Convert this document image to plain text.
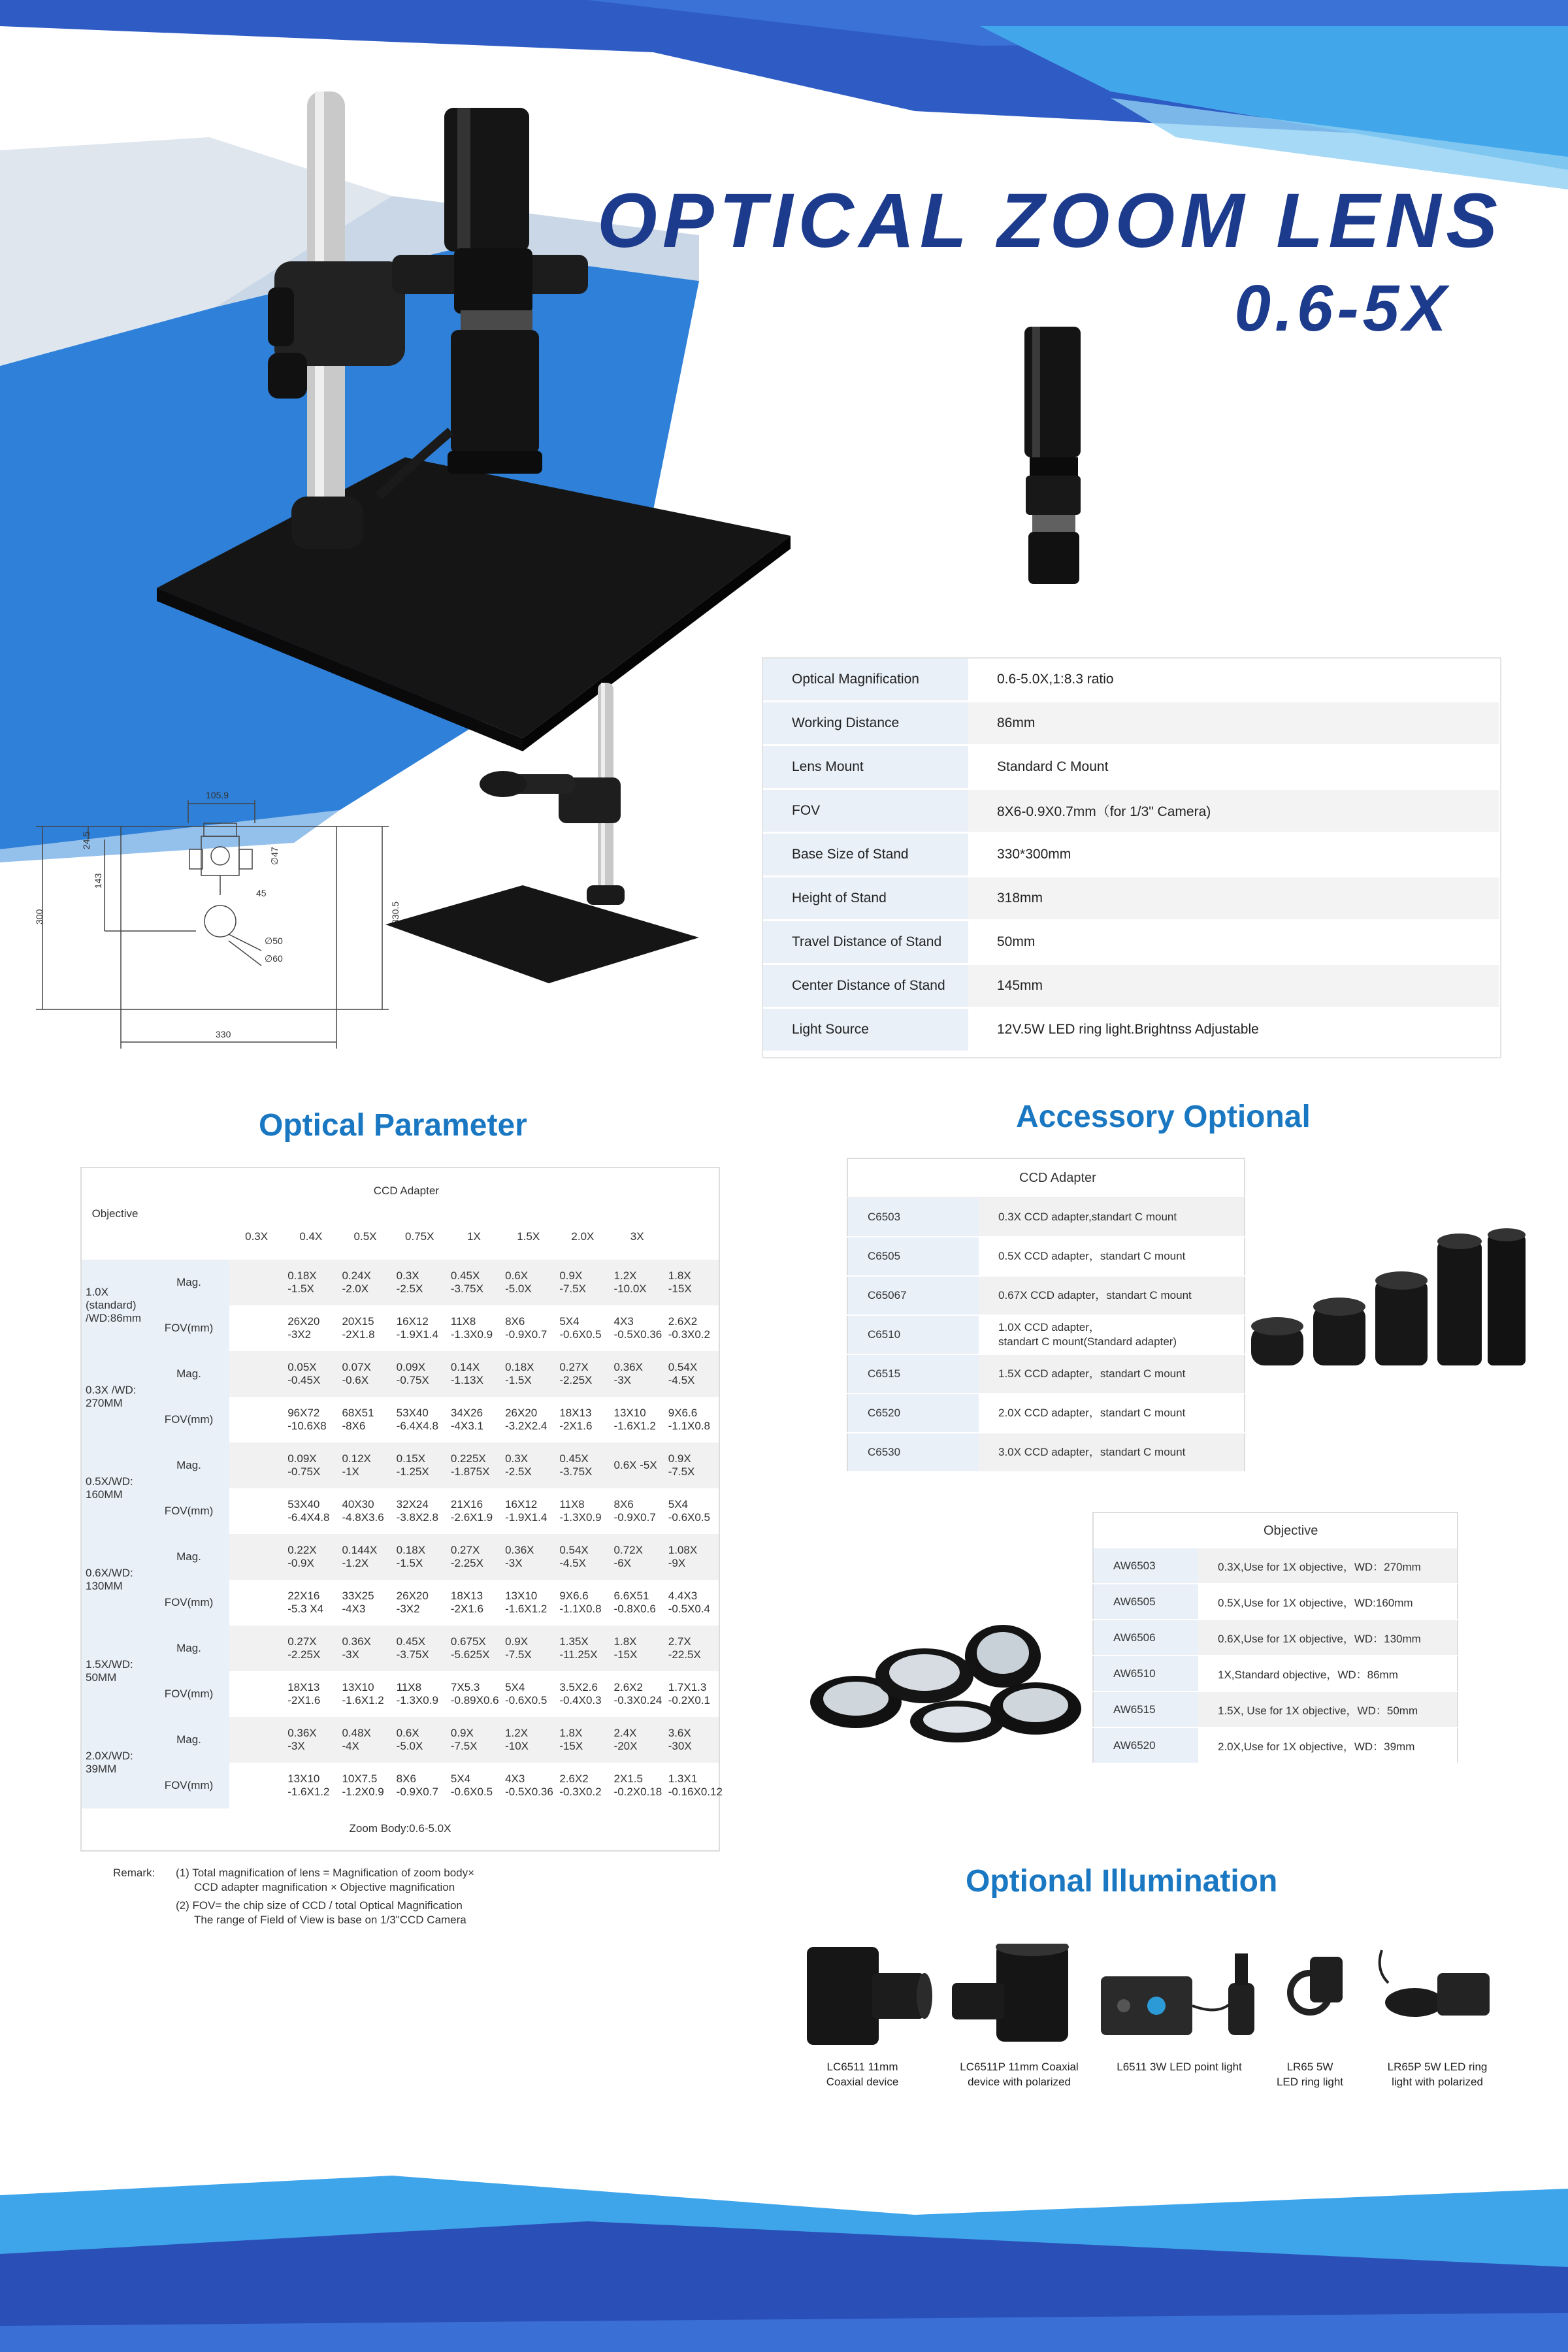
OPTICAL ZOOM LENS
0.6-5X
105.9
24.5
143
300	330.5
330
45
∅47
∅50
∅60
Optical Magnification	0.6-5.0X,1:8.3 ratio
Working Distance	86mm
Lens Mount	Standard C Mount
FOV	8X6-0.9X0.7mm（for 1/3" Camera)
Base Size of Stand	330*300mm
Height of Stand	318mm
Travel Distance of Stand	50mm
Center Distance of Stand	145mm
Light Source	12V.5W LED ring light.Brightnss Adjustable
Optical Parameter	Accessory Optional
Optional Illumination
Objective	CCD Adapter									
		0.3X	0.4X	0.5X	0.75X	1X	1.5X	2.0X	3X	
1.0X (standard) /WD:86mm	Mag.		0.18X -1.5X	0.24X -2.0X	0.3X -2.5X	0.45X -3.75X	0.6X -5.0X	0.9X -7.5X	1.2X -10.0X	1.8X -15X
	FOV(mm)		26X20 -3X2	20X15 -2X1.8	16X12 -1.9X1.4	11X8 -1.3X0.9	8X6 -0.9X0.7	5X4 -0.6X0.5	4X3 -0.5X0.36	2.6X2 -0.3X0.2
0.3X /WD: 270MM	Mag.		0.05X -0.45X	0.07X -0.6X	0.09X -0.75X	0.14X -1.13X	0.18X -1.5X	0.27X -2.25X	0.36X -3X	0.54X -4.5X
	FOV(mm)		96X72 -10.6X8	68X51 -8X6	53X40 -6.4X4.8	34X26 -4X3.1	26X20 -3.2X2.4	18X13 -2X1.6	13X10 -1.6X1.2	9X6.6 -1.1X0.8
0.5X/WD: 160MM	Mag.		0.09X -0.75X	0.12X -1X	0.15X -1.25X	0.225X -1.875X	0.3X -2.5X	0.45X -3.75X	0.6X -5X	0.9X -7.5X
	FOV(mm)		53X40 -6.4X4.8	40X30 -4.8X3.6	32X24 -3.8X2.8	21X16 -2.6X1.9	16X12 -1.9X1.4	11X8 -1.3X0.9	8X6 -0.9X0.7	5X4 -0.6X0.5
0.6X/WD: 130MM	Mag.		0.22X -0.9X	0.144X -1.2X	0.18X -1.5X	0.27X -2.25X	0.36X -3X	0.54X -4.5X	0.72X -6X	1.08X -9X
	FOV(mm)		22X16 -5.3 X4	33X25 -4X3	26X20 -3X2	18X13 -2X1.6	13X10 -1.6X1.2	9X6.6 -1.1X0.8	6.6X51 -0.8X0.6	4.4X3 -0.5X0.4
1.5X/WD: 50MM	Mag.		0.27X -2.25X	0.36X -3X	0.45X -3.75X	0.675X -5.625X	0.9X -7.5X	1.35X -11.25X	1.8X -15X	2.7X -22.5X
	FOV(mm)		18X13 -2X1.6	13X10 -1.6X1.2	11X8 -1.3X0.9	7X5.3 -0.89X0.6	5X4 -0.6X0.5	3.5X2.6 -0.4X0.3	2.6X2 -0.3X0.24	1.7X1.3 -0.2X0.1
2.0X/WD: 39MM	Mag.		0.36X -3X	0.48X -4X	0.6X -5.0X	0.9X -7.5X	1.2X -10X	1.8X -15X	2.4X -20X	3.6X -30X
	FOV(mm)		13X10 -1.6X1.2	10X7.5 -1.2X0.9	8X6 -0.9X0.7	5X4 -0.6X0.5	4X3 -0.5X0.36	2.6X2 -0.3X0.2	2X1.5 -0.2X0.18	1.3X1 -0.16X0.12
Zoom Body:0.6-5.0X										
Remark:	(1) Total magnification of lens = Magnification of zoom body×
CCD adapter magnification × Objective magnification
(2) FOV= the chip size of CCD / total Optical Magnification
The range of Field of View is base on 1/3"CCD Camera
CCD Adapter	
C6503	0.3X CCD adapter,standart C mount
C6505	0.5X CCD adapter，standart C mount
C65067	0.67X CCD adapter，standart C mount
C6510	1.0X CCD adapter，
standart C mount(Standard adapter)

C6515	1.5X CCD adapter，standart C mount
C6520	2.0X CCD adapter，standart C mount
C6530	3.0X CCD adapter，standart C mount
Objective	
AW6503	0.3X,Use for 1X objective，WD：270mm
AW6505	0.5X,Use for 1X objective，WD:160mm
AW6506	0.6X,Use for 1X objective，WD：130mm
AW6510	1X,Standard objective，WD：86mm
AW6515	1.5X, Use for 1X objective，WD：50mm
AW6520	2.0X,Use for 1X objective，WD：39mm
LC6511 11mm
Coaxial device
LC6511P 11mm Coaxial
device with polarized
L6511 3W LED point light	LR65 5W
LED ring light
LR65P 5W LED ring
light with polarized
